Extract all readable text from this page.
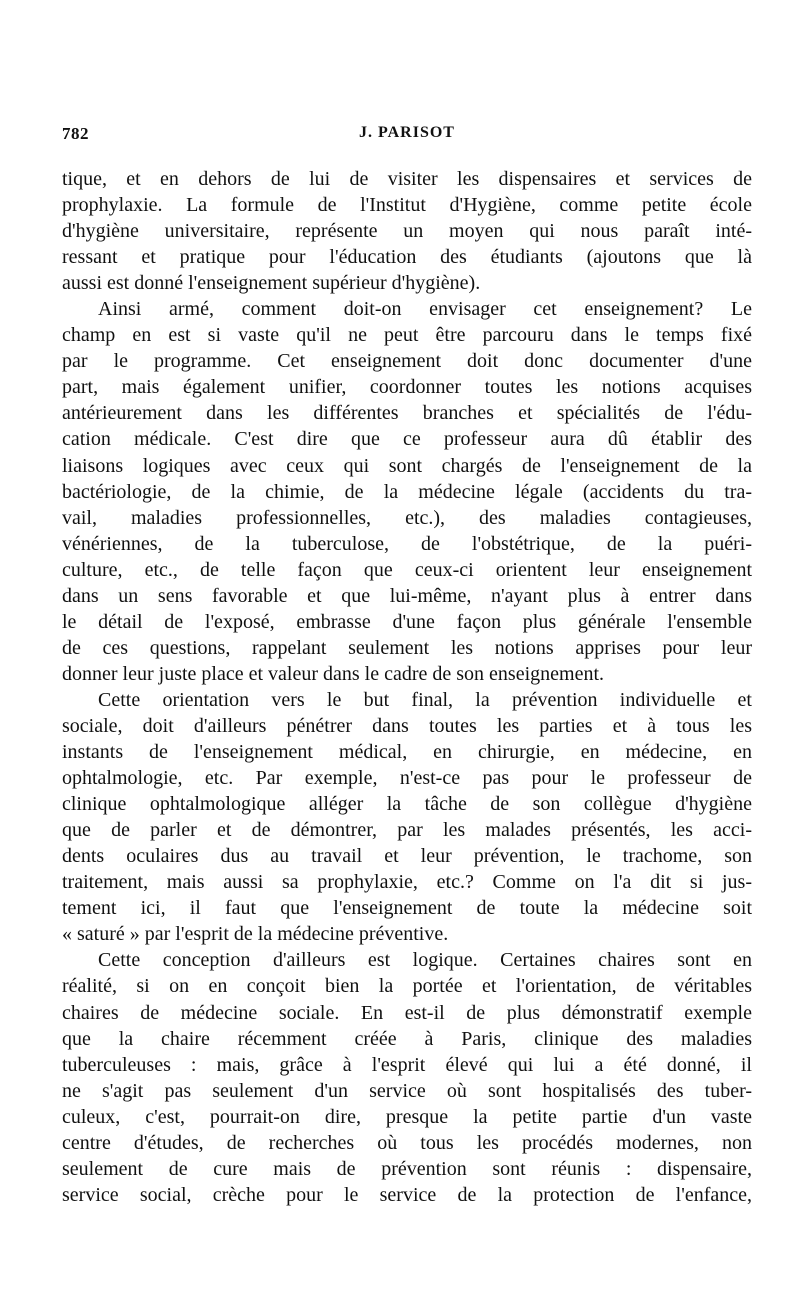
782	J. PARISOT
tique, et en dehors de lui de visiter les dispensaires et services de
prophylaxie. La formule de l'Institut d'Hygiène, comme petite école
d'hygiène universitaire, représente un moyen qui nous paraît inté-
ressant et pratique pour l'éducation des étudiants (ajoutons que là
aussi est donné l'enseignement supérieur d'hygiène).
Ainsi armé, comment doit-on envisager cet enseignement? Le
champ en est si vaste qu'il ne peut être parcouru dans le temps fixé
par le programme. Cet enseignement doit donc documenter d'une
part, mais également unifier, coordonner toutes les notions acquises
antérieurement dans les différentes branches et spécialités de l'édu-
cation médicale. C'est dire que ce professeur aura dû établir des
liaisons logiques avec ceux qui sont chargés de l'enseignement de la
bactériologie, de la chimie, de la médecine légale (accidents du tra-
vail, maladies professionnelles, etc.), des maladies contagieuses,
vénériennes, de la tuberculose, de l'obstétrique, de la puéri-
culture, etc., de telle façon que ceux-ci orientent leur enseignement
dans un sens favorable et que lui-même, n'ayant plus à entrer dans
le détail de l'exposé, embrasse d'une façon plus générale l'ensemble
de ces questions, rappelant seulement les notions apprises pour leur
donner leur juste place et valeur dans le cadre de son enseignement.
Cette orientation vers le but final, la prévention individuelle et
sociale, doit d'ailleurs pénétrer dans toutes les parties et à tous les
instants de l'enseignement médical, en chirurgie, en médecine, en
ophtalmologie, etc. Par exemple, n'est-ce pas pour le professeur de
clinique ophtalmologique alléger la tâche de son collègue d'hygiène
que de parler et de démontrer, par les malades présentés, les acci-
dents oculaires dus au travail et leur prévention, le trachome, son
traitement, mais aussi sa prophylaxie, etc.? Comme on l'a dit si jus-
tement ici, il faut que l'enseignement de toute la médecine soit
« saturé » par l'esprit de la médecine préventive.
Cette conception d'ailleurs est logique. Certaines chaires sont en
réalité, si on en conçoit bien la portée et l'orientation, de véritables
chaires de médecine sociale. En est-il de plus démonstratif exemple
que la chaire récemment créée à Paris, clinique des maladies
tuberculeuses : mais, grâce à l'esprit élevé qui lui a été donné, il
ne s'agit pas seulement d'un service où sont hospitalisés des tuber-
culeux, c'est, pourrait-on dire, presque la petite partie d'un vaste
centre d'études, de recherches où tous les procédés modernes, non
seulement de cure mais de prévention sont réunis : dispensaire,
service social, crèche pour le service de la protection de l'enfance,
